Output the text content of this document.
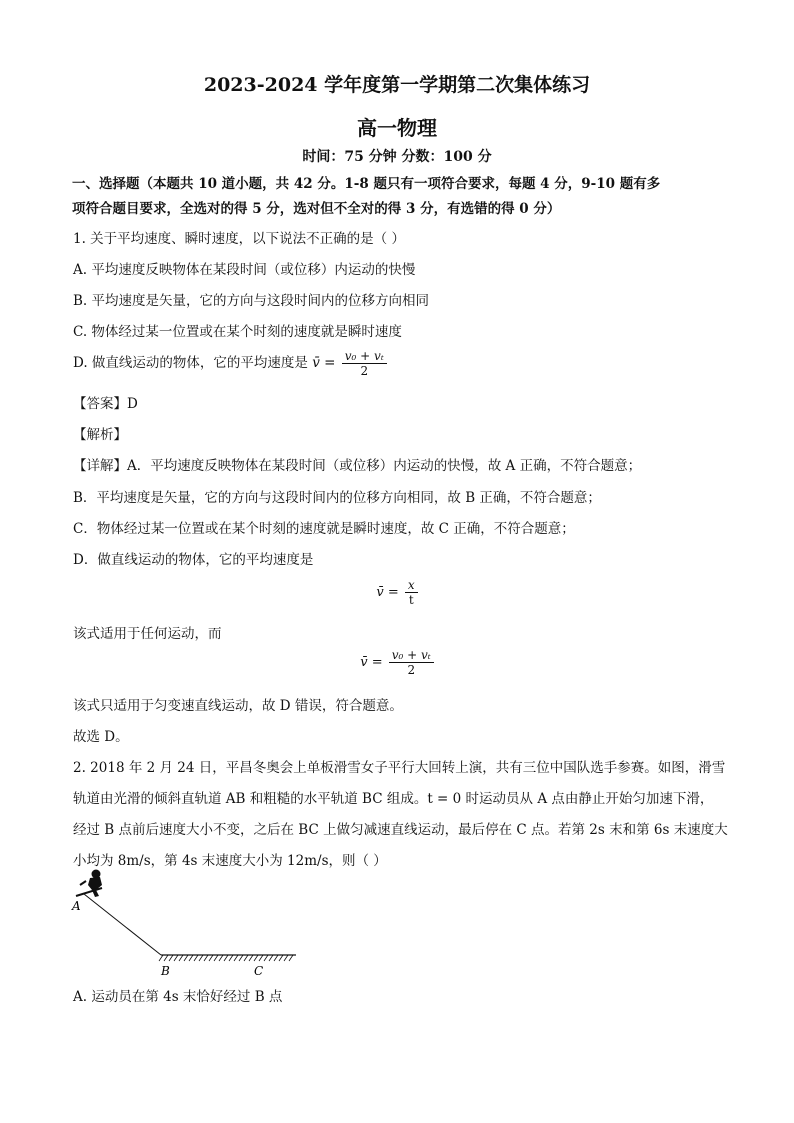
2023-2024 学年度第一学期第二次集体练习
高一物理
时间：75 分钟 分数：100 分
一、选择题（本题共 10 道小题，共 42 分。1-8 题只有一项符合要求，每题 4 分，9-10 题有多
项符合题目要求，全选对的得 5 分，选对但不全对的得 3 分，有选错的得 0 分）
1. 关于平均速度、瞬时速度，以下说法不正确的是（ ）
A. 平均速度反映物体在某段时间（或位移）内运动的快慢
B. 平均速度是矢量，它的方向与这段时间内的位移方向相同
C. 物体经过某一位置或在某个时刻的速度就是瞬时速度
D. 做直线运动的物体，它的平均速度是 v̄ = $\frac{\text{v₀ + vₜ}}{2}$
【答案】D
【解析】
【详解】A．平均速度反映物体在某段时间（或位移）内运动的快慢，故 A 正确，不符合题意；
B．平均速度是矢量，它的方向与这段时间内的位移方向相同，故 B 正确，不符合题意；
C．物体经过某一位置或在某个时刻的速度就是瞬时速度，故 C 正确，不符合题意；
D．做直线运动的物体，它的平均速度是
v̄ = $\frac{x}{t}$
该式适用于任何运动，而
v̄ = $\frac{\text{v₀ + vₜ}}{2}$
该式只适用于匀变速直线运动，故 D 错误，符合题意。
故选 D。
2. 2018 年 2 月 24 日，平昌冬奥会上单板滑雪女子平行大回转上演，共有三位中国队选手参赛。如图，滑雪
轨道由光滑的倾斜直轨道 AB 和粗糙的水平轨道 BC 组成。t = 0 时运动员从 A 点由静止开始匀加速下滑，
经过 B 点前后速度大小不变，之后在 BC 上做匀减速直线运动，最后停在 C 点。若第 2s 末和第 6s 末速度大
小均为 8m/s，第 4s 末速度大小为 12m/s，则（ ）
A
B	C
A. 运动员在第 4s 末恰好经过 B 点
